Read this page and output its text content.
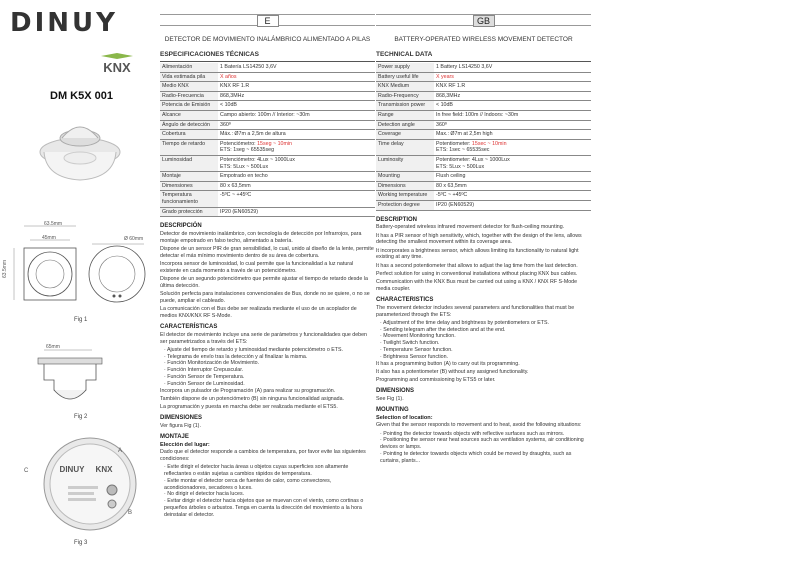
DINUY
KNX
DM K5X 001
63.5mm
45mm
63.5mm
Ø 60mm
Fig 1
65mm
Fig 2
DINUY KNX
A
B
C
Fig 3
E
DETECTOR DE MOVIMIENTO INALÁMBRICO ALIMENTADO A PILAS
ESPECIFICACIONES TÉCNICAS
Alimentación	1 Batería LS14250 3,6V
Vida estimada pila	X años
Medio KNX	KNX RF 1.R
Radio-Frecuencia	868,3MHz
Potencia de Emisión	< 10dB
Alcance	Campo abierto: 100m // Interior: ~30m
Ángulo de detección	360º
Cobertura	Máx.: Ø7m a 2,5m de altura
Tiempo de retardo	Potenciómetro: 15seg ~ 10min
ETS: 1seg ~ 65535seg
Luminosidad	Potenciómetro: 4Lux ~ 1000Lux
ETS: 5Lux ~ 500Lux
Montaje	Empotrado en techo
Dimensiones	80 x 63,5mm
Temperatura funcionamiento	-5ºC ~ +45ºC
Grado protección	IP20 (EN60529)
DESCRIPCIÓN

Detector de movimiento inalámbrico, con tecnología de detección por Infrarrojos, para montaje empotrado en falso techo, alimentado a batería.

Dispone de un sensor PIR de gran sensibilidad, lo cual, unido al diseño de la lente, permite detectar el más mínimo movimiento dentro de su área de cobertura.

Incorpora sensor de luminosidad, lo cual permite que la funcionalidad a luz natural existente en cada momento a través de un potenciómetro.

Dispone de un segundo potenciómetro que permite ajustar el tiempo de retardo desde la última detección.

Solución perfecta para instalaciones convencionales de Bus, donde no se quiere, o no se puede, ampliar el cableado.

La comunicación con el Bus debe ser realizada mediante el uso de un acoplador de medios KNX/KNX RF S-Mode.

CARACTERÍSTICAS

El detector de movimiento incluye una serie de parámetros y funcionalidades que deben ser parametrizados a través del ETS:

· Ajuste del tiempo de retardo y luminosidad mediante potenciómetro o ETS.
· Telegrama de envío tras la detección y al finalizar la misma.
· Función Monitorización de Movimiento.
· Función Interruptor Crepuscular.
· Función Sensor de Temperatura.
· Función Sensor de Luminosidad.

Incorpora un pulsador de Programación (A) para realizar su programación.

También dispone de un potenciómetro (B) sin ninguna funcionalidad asignada.

La programación y puesta en marcha debe ser realizada mediante el ETS5.

DIMENSIONES

Ver figura Fig (1).

MONTAJE
Elección del lugar:

Dado que el detector responde a cambios de temperatura, por favor evite las siguientes condiciones:

· Evite dirigir el detector hacia áreas u objetos cuyas superficies son altamente reflectantes o están sujetas a cambios rápidos de temperatura.
· Evite montar el detector cerca de fuentes de calor, como convectores, acondicionadores, secadores o luces.
· No dirigir el detector hacia luces.
· Evitar dirigir el detector hacia objetos que se muevan con el viento, como cortinas o pequeños árboles o arbustos. Tenga en cuenta la dirección del movimiento a la hora deinstalar el detector.
GB
BATTERY-OPERATED WIRELESS MOVEMENT DETECTOR
TECHNICAL DATA
Power supply	1 Battery LS14250 3,6V
Battery useful life	X years
KNX Medium	KNX RF 1.R
Radio-Frequency	868,3MHz
Transmission power	< 10dB
Range	In free field: 100m // Indoors: ~30m
Detection angle	360º
Coverage	Max.: Ø7m at 2,5m high
Time delay	Potentiometer: 15sec ~ 10min
ETS: 1sec ~ 65535sec
Luminosity	Potentiometer: 4Lux ~ 1000Lux
ETS: 5Lux ~ 500Lux
Mounting	Flush ceiling
Dimensions	80 x 63,5mm
Working temperature	-5ºC ~ +45ºC
Protection degree	IP20 (EN60529)
DESCRIPTION

Battery-operated wireless infrared movement detector for flush-ceiling mounting.

It has a PIR sensor of high sensitivity, which, together with the design of the lens, allows detecting the smallest movement within its coverage area.

It incorporates a brightness sensor, which allows limiting its functionality to natural light existing at any time.

It has a second potentiometer that allows to adjust the lag time from the last detection.

Perfect solution for using in conventional installations without placing KNX bus cables.

Communication with the KNX Bus must be carried out using a KNX / KNX RF S-Mode media coupler.

CHARACTERISTICS

The movement detector includes several parameters and functionalities that must be parameterized through the ETS:

· Adjustment of the time delay and brightness by potentiometers or ETS.
· Sending telegram after the detection and at the end.
· Movement Monitoring function.
· Twilight Switch function.
· Temperature Sensor function.
· Brightness Sensor function.

It has a programming button (A) to carry out its programming.

It also has a potentiometer (B) without any assigned functionality.

Programming and commissioning by ETS5 or later.

DIMENSIONS

See Fig (1).

MOUNTING
Selection of location:

Given that the sensor responds to movement and to heat, avoid the following situations:

· Pointing the detector towards objects with reflective surfaces such as mirrors.
· Positioning the sensor near heat sources such as ventilation systems, air conditioning devices or lamps.
· Pointing te detector towards objects which could be moved by draughts, such as curtains, plants...
